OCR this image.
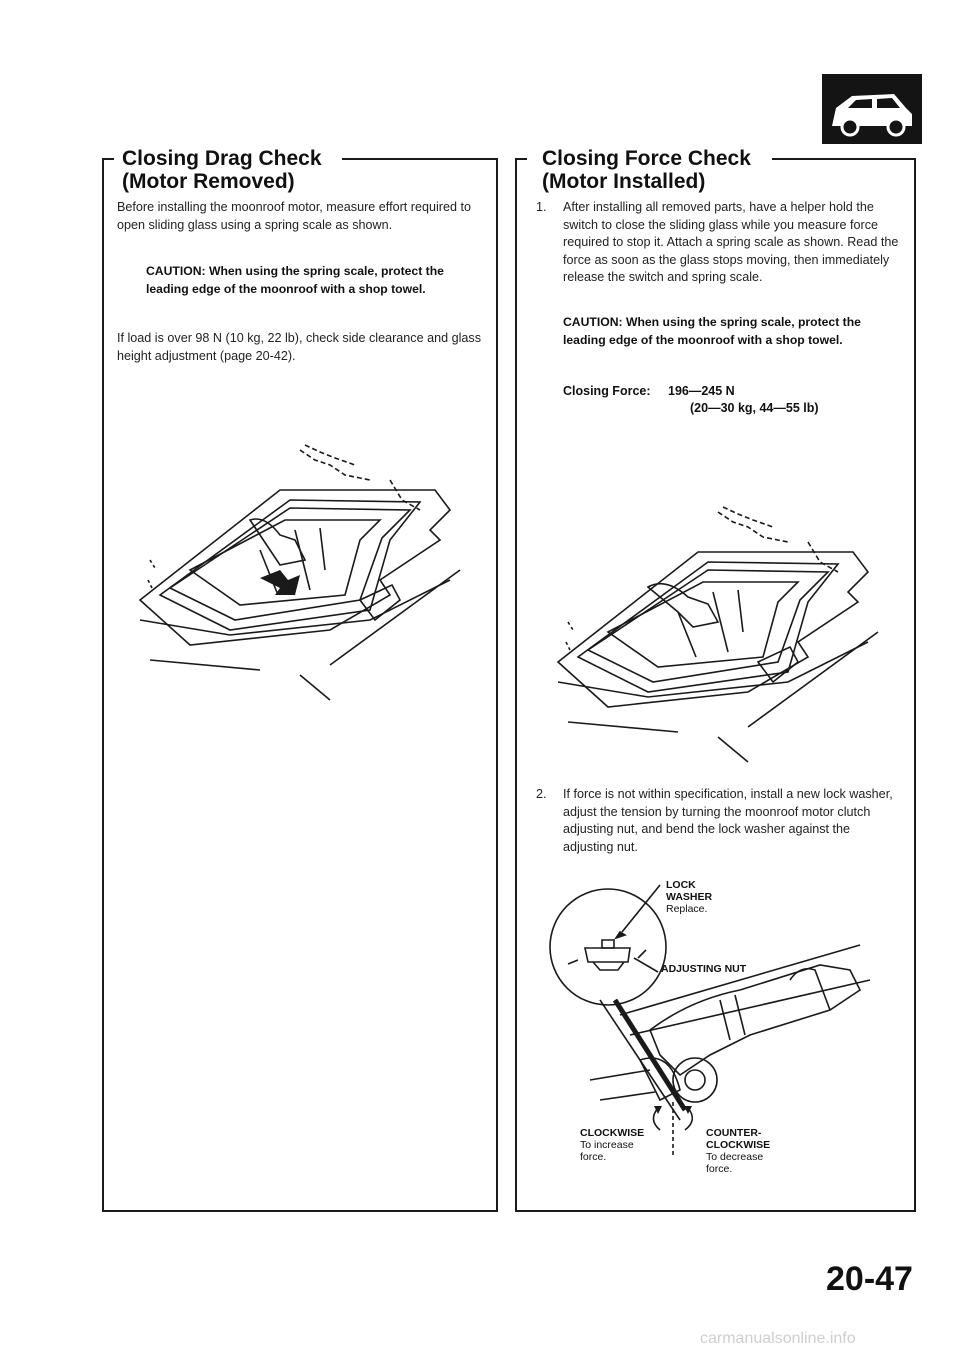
Closing Drag Check
(Motor Removed)
Before installing the moonroof motor, measure effort required to open sliding glass using a spring scale as shown.
CAUTION: When using the spring scale, protect the leading edge of the moonroof with a shop towel.
If load is over 98 N (10 kg, 22 lb), check side clearance and glass height adjustment (page 20-42).
Closing Force Check
(Motor Installed)
1. After installing all removed parts, have a helper hold the switch to close the sliding glass while you measure force required to stop it. Attach a spring scale as shown. Read the force as soon as the glass stops moving, then immediately release the switch and spring scale.
CAUTION: When using the spring scale, protect the leading edge of the moonroof with a shop towel.
Closing Force: 196—245 N
(20—30 kg, 44—55 lb)
2. If force is not within specification, install a new lock washer, adjust the tension by turning the moonroof motor clutch adjusting nut, and bend the lock washer against the adjusting nut.
LOCK
WASHER
Replace.
ADJUSTING NUT
CLOCKWISE
To increase
force.
COUNTER-
CLOCKWISE
To decrease
force.
20-47
carmanualsonline.info
